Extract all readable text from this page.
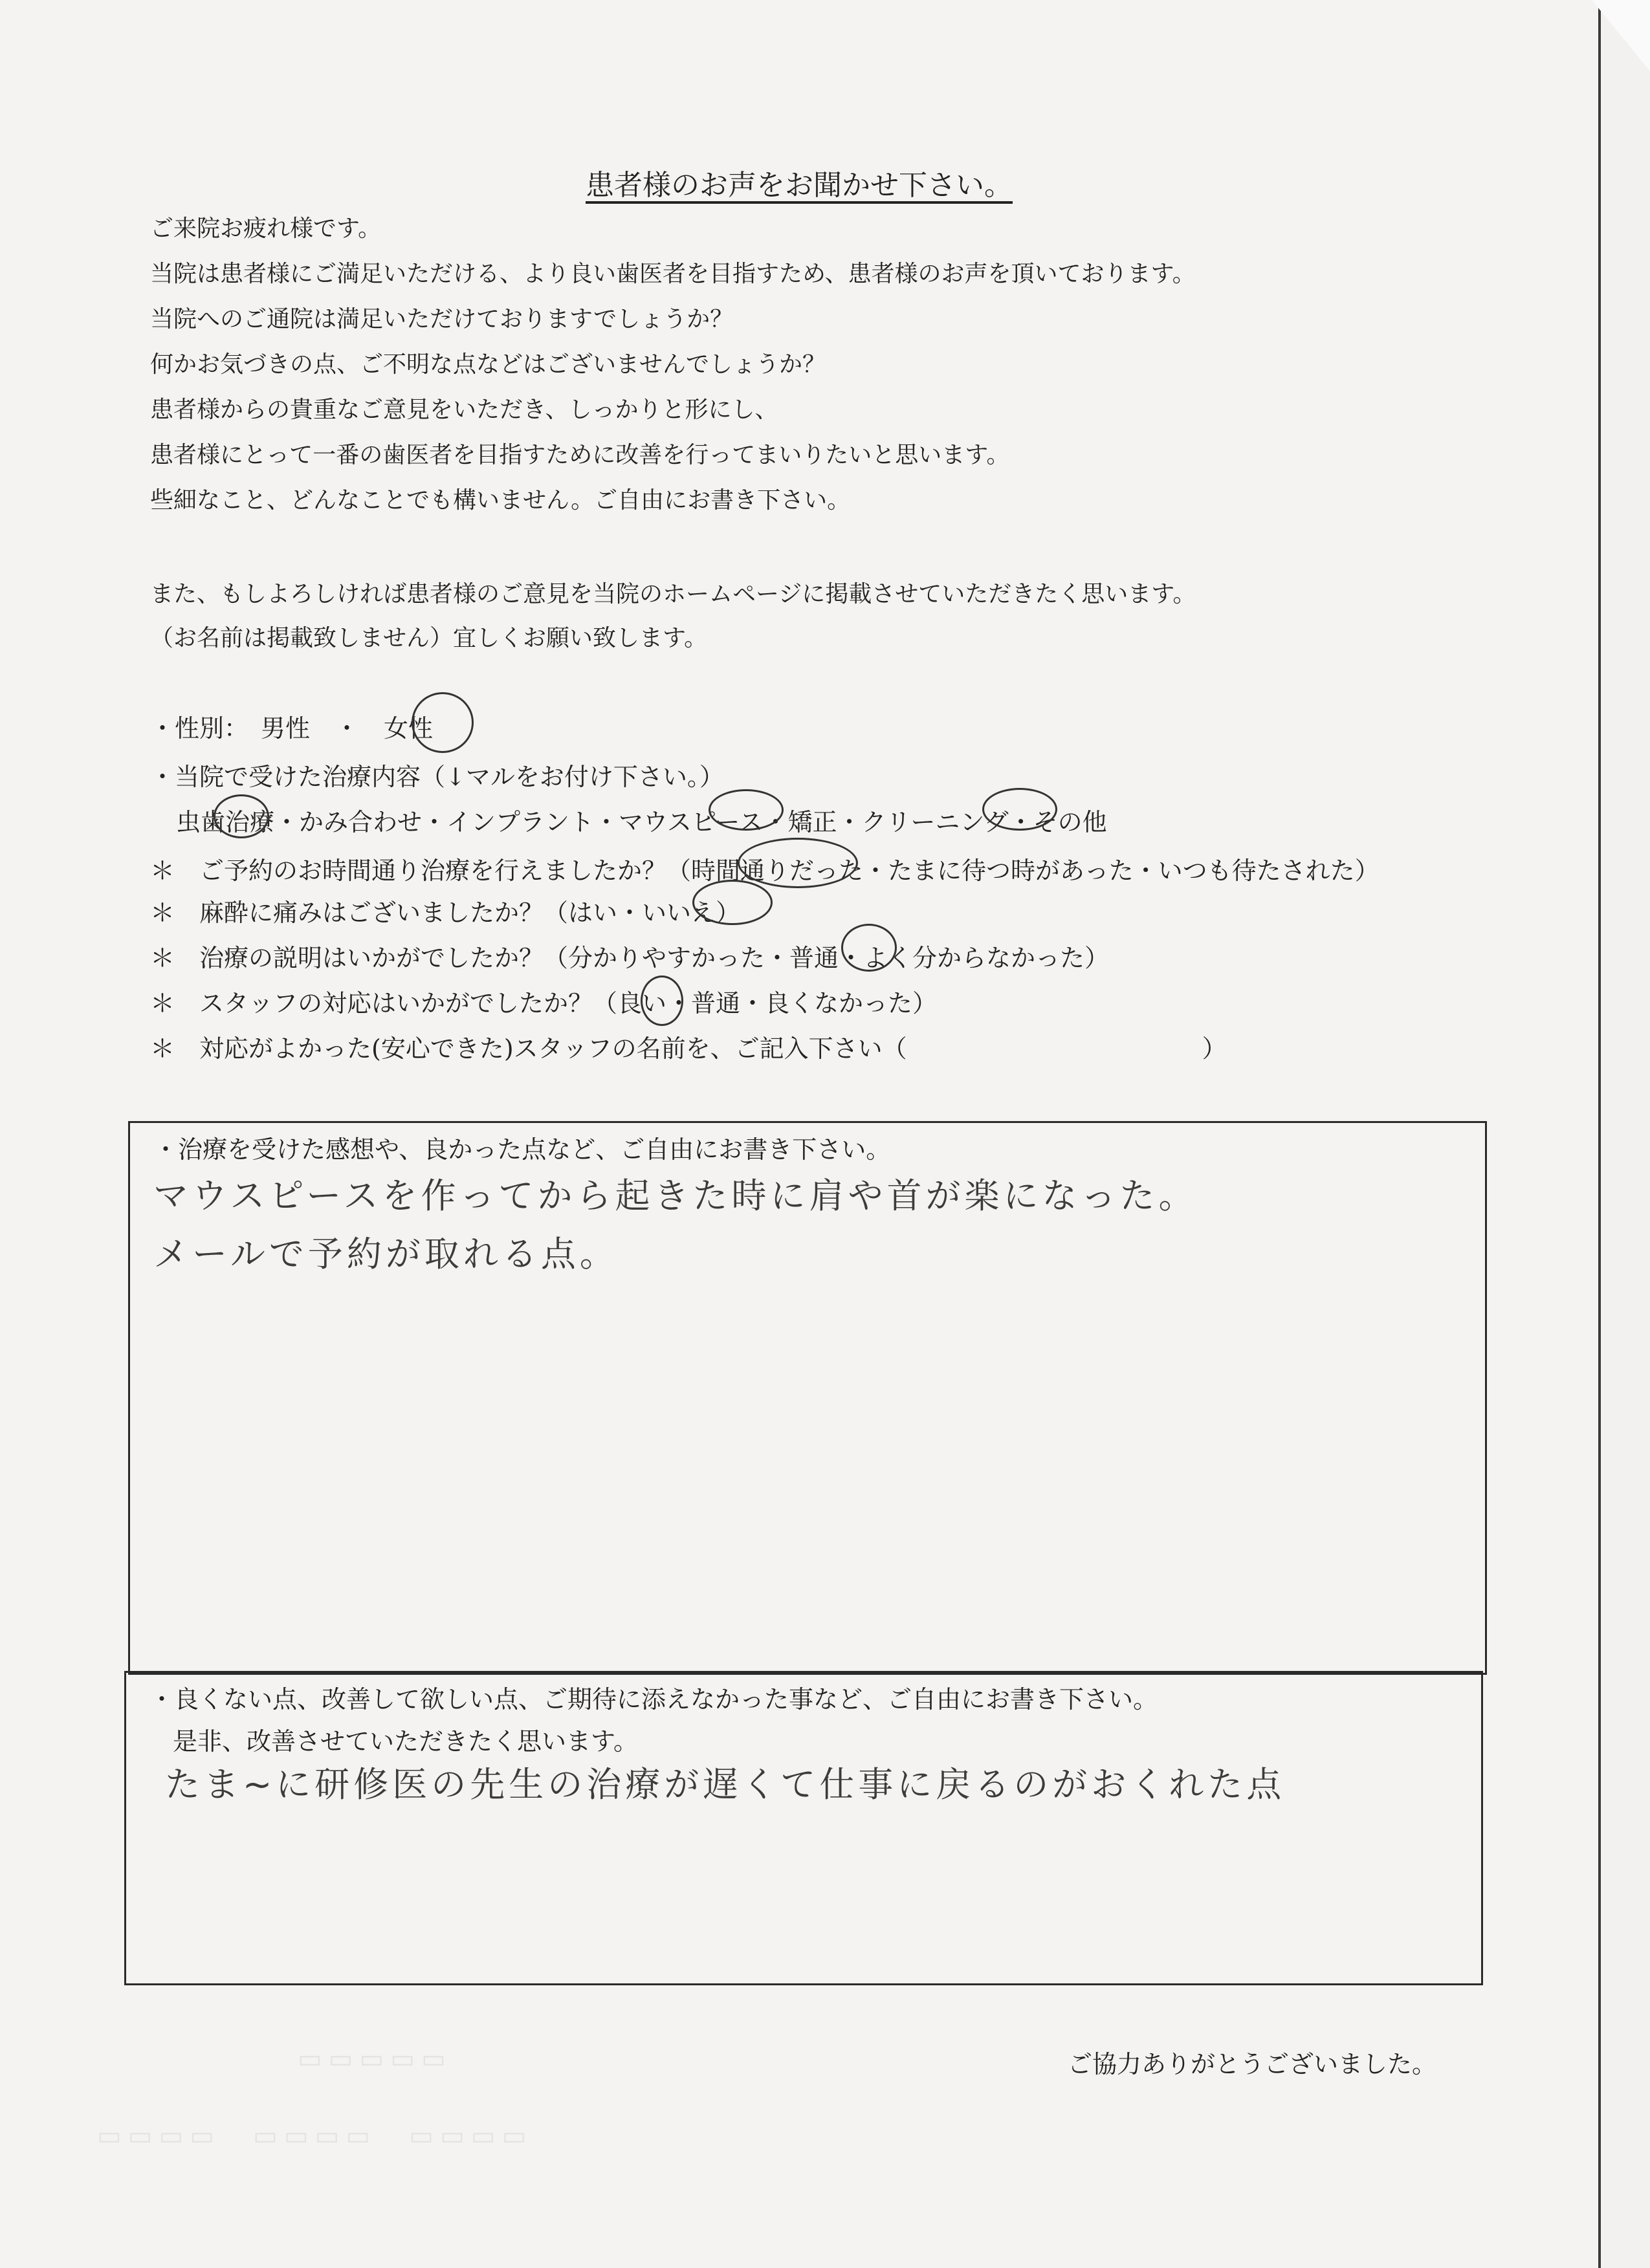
患者様のお声をお聞かせ下さい。
ご来院お疲れ様です。
当院は患者様にご満足いただける、より良い歯医者を目指すため、患者様のお声を頂いております。
当院へのご通院は満足いただけておりますでしょうか？
何かお気づきの点、ご不明な点などはございませんでしょうか？
患者様からの貴重なご意見をいただき、しっかりと形にし、
患者様にとって一番の歯医者を目指すために改善を行ってまいりたいと思います。
些細なこと、どんなことでも構いません。ご自由にお書き下さい。
また、もしよろしければ患者様のご意見を当院のホームページに掲載させていただきたく思います。
（お名前は掲載致しません）宜しくお願い致します。
・性別：　男性　・　女性
・当院で受けた治療内容（↓マルをお付け下さい。）
虫歯治療・かみ合わせ・インプラント・マウスピース・矯正・クリーニング・その他
＊　ご予約のお時間通り治療を行えましたか？（時間通りだった・たまに待つ時があった・いつも待たされた）
＊　麻酔に痛みはございましたか？（はい・いいえ）
＊　治療の説明はいかがでしたか？（分かりやすかった・普通・よく分からなかった）
＊　スタッフの対応はいかがでしたか？（良い・普通・良くなかった）
＊　対応がよかった(安心できた)スタッフの名前を、ご記入下さい（　　　　　　　　　　　　）
・治療を受けた感想や、良かった点など、ご自由にお書き下さい。
マウスピースを作ってから起きた時に肩や首が楽になった。
メールで予約が取れる点。
・良くない点、改善して欲しい点、ご期待に添えなかった事など、ご自由にお書き下さい。
是非、改善させていただきたく思います。
たま~に研修医の先生の治療が遅くて仕事に戻るのがおくれた点
ご協力ありがとうございました。
▭▭▭▭▭
▭▭▭▭　▭▭▭▭　▭▭▭▭
